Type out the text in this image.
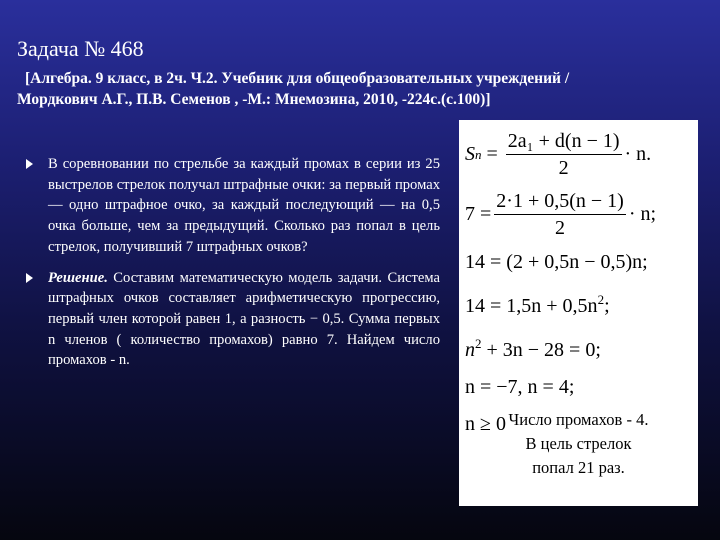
Задача № 468
[Алгебра. 9 класс, в 2ч. Ч.2. Учебник для общеобразовательных учреждений /
Мордкович А.Г., П.В. Семенов , -М.: Мнемозина, 2010, -224с.(с.100)]
В соревновании по стрельбе за каждый промах в серии из 25 выстрелов стрелок получал штрафные очки: за первый промах — одно штрафное очко, за каждый последующий — на 0,5 очка больше, чем за предыдущий. Сколько раз попал в цель стрелок, получивший 7 штрафных очков?
Решение. Составим математическую модель задачи. Система штрафных очков составляет арифметическую прогрессию, первый член которой равен 1, а разность − 0,5. Сумма первых n членов ( количество промахов) равно 7. Найдем число промахов - n.
S $n = \frac{\text{2a₁ + d(n − 1)}}{2} \cdot n$.
$7 = \frac{2\cdot 1 + 0,5(n - 1)}{2} \cdot n$;
14 = (2 + 0,5n − 0,5)n;
$14 = 1,5n + 0,5n^2$;
$n^2 + 3n - 28 = 0$;
n = −7, n = 4;
n ≥ 0 Число промахов - 4.
В цель стрелок
попал 21 раз.
